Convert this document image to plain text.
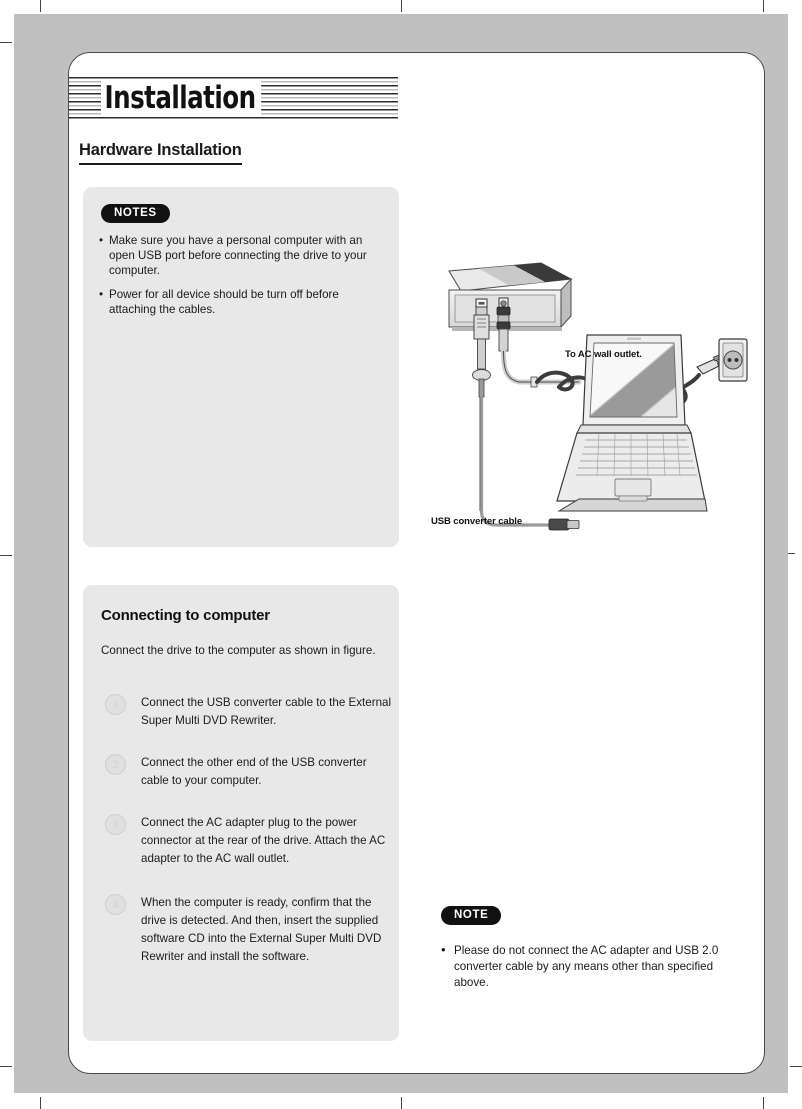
Installation
Hardware Installation
NOTES
• Make sure you have a personal computer with an open USB port before connecting the drive to your computer.
• Power for all device should be turn off before attaching the cables.
Connecting to computer
Connect the drive to the computer as shown in figure.
1	Connect the USB converter cable to the External Super Multi DVD Rewriter.
2	Connect the other end of the USB converter cable to your computer.
3	Connect the AC adapter plug to the power connector at the rear of the drive. Attach the AC adapter to the AC wall outlet.
4	When the computer is ready, confirm that the drive is detected. And then, insert the supplied software CD into the External Super Multi DVD Rewriter and install the software.
NOTE
• Please do not connect the AC adapter and USB 2.0 converter cable by any means other than specified above.
To AC wall outlet.
USB converter cable
